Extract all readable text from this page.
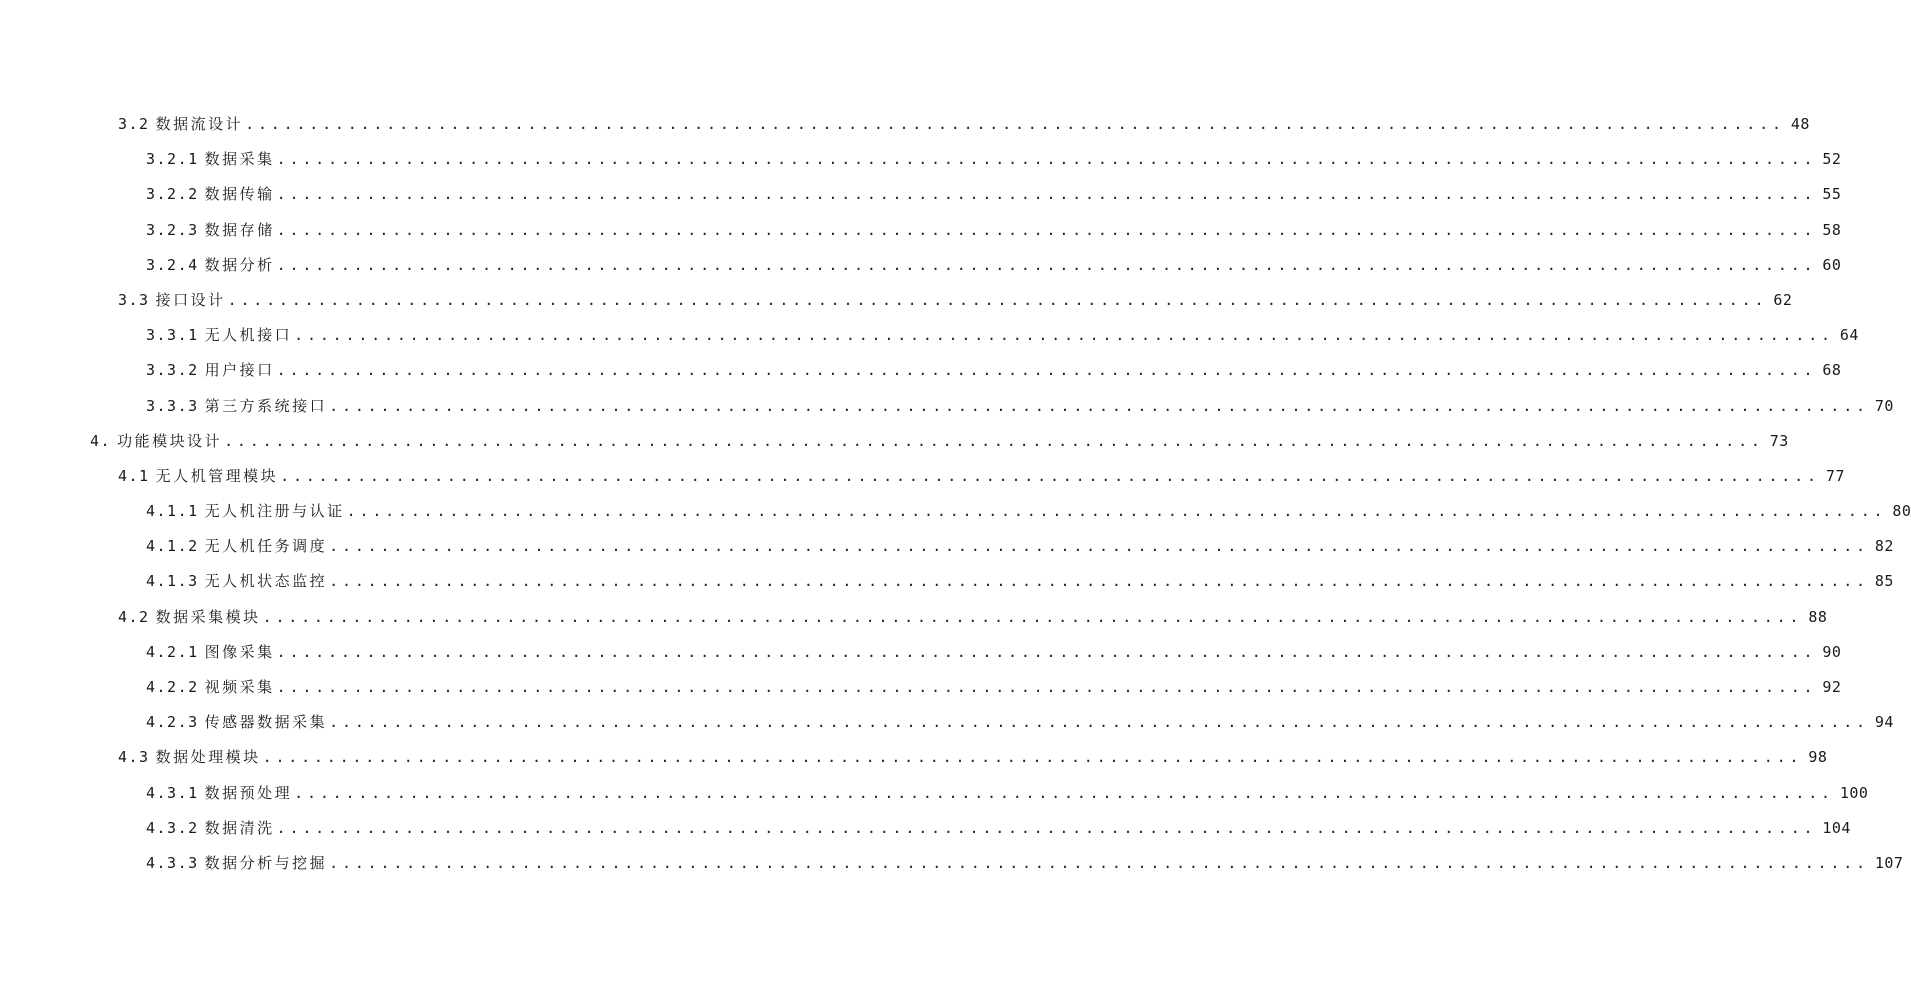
3.2 数据流设计 ........................................................................................................................ 48
3.2.1 数据采集 ........................................................................................................................ 52
3.2.2 数据传输 ........................................................................................................................ 55
3.2.3 数据存储 ........................................................................................................................ 58
3.2.4 数据分析 ........................................................................................................................ 60
3.3 接口设计 ........................................................................................................................ 62
3.3.1 无人机接口 ........................................................................................................................ 64
3.3.2 用户接口 ........................................................................................................................ 68
3.3.3 第三方系统接口 ........................................................................................................................ 70
4. 功能模块设计 ........................................................................................................................ 73
4.1 无人机管理模块 ........................................................................................................................ 77
4.1.1 无人机注册与认证 ........................................................................................................................ 80
4.1.2 无人机任务调度 ........................................................................................................................ 82
4.1.3 无人机状态监控 ........................................................................................................................ 85
4.2 数据采集模块 ........................................................................................................................ 88
4.2.1 图像采集 ........................................................................................................................ 90
4.2.2 视频采集 ........................................................................................................................ 92
4.2.3 传感器数据采集 ........................................................................................................................ 94
4.3 数据处理模块 ........................................................................................................................ 98
4.3.1 数据预处理 ........................................................................................................................ 100
4.3.2 数据清洗 ........................................................................................................................ 104
4.3.3 数据分析与挖掘 ........................................................................................................................ 107
